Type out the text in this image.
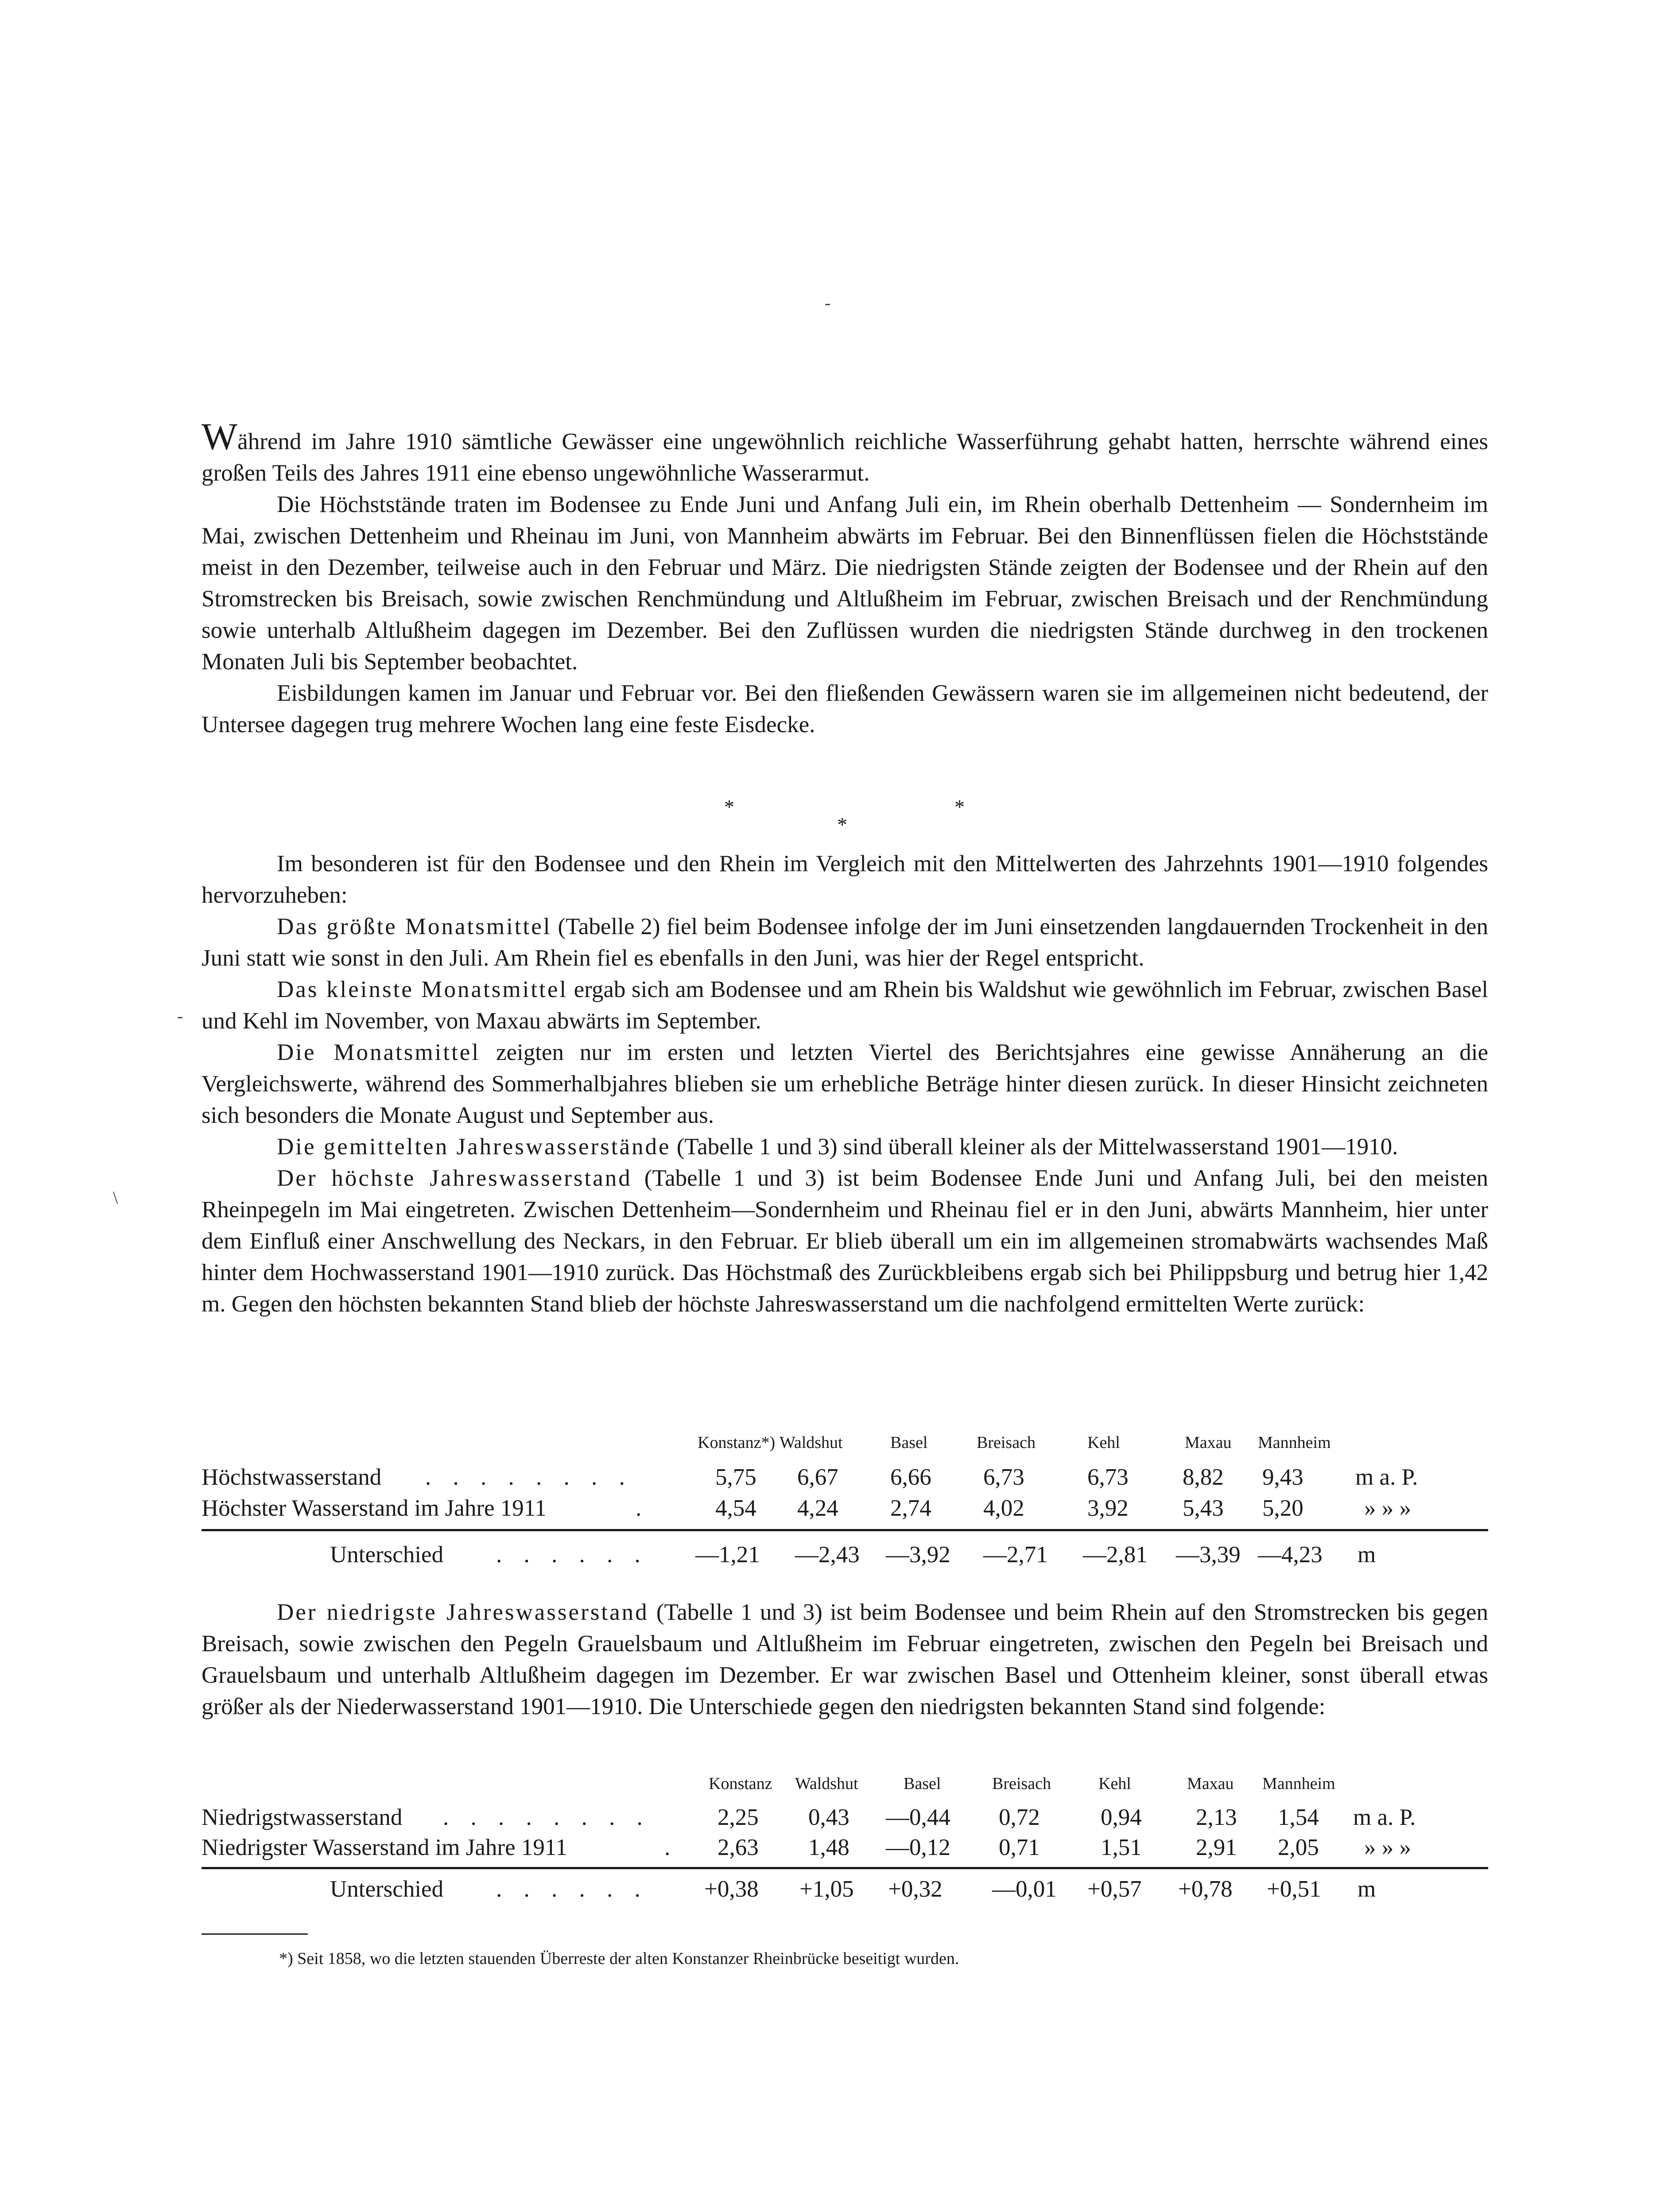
-
-
\

Während im Jahre 1910 sämtliche Gewässer eine ungewöhnlich reichliche Wasserführung gehabt hatten, herrschte während eines großen Teils des Jahres 1911 eine ebenso ungewöhnliche Wasserarmut.

Die Höchststände traten im Bodensee zu Ende Juni und Anfang Juli ein, im Rhein oberhalb Dettenheim — Sondernheim im Mai, zwischen Dettenheim und Rheinau im Juni, von Mannheim abwärts im Februar. Bei den Binnenflüssen fielen die Höchststände meist in den Dezember, teilweise auch in den Februar und März. Die niedrigsten Stände zeigten der Bodensee und der Rhein auf den Stromstrecken bis Breisach, sowie zwischen Renchmündung und Altlußheim im Februar, zwischen Breisach und der Renchmündung sowie unterhalb Altlußheim dagegen im Dezember. Bei den Zuflüssen wurden die niedrigsten Stände durchweg in den trockenen Monaten Juli bis September beobachtet.

Eisbildungen kamen im Januar und Februar vor. Bei den fließenden Gewässern waren sie im allgemeinen nicht bedeutend, der Untersee dagegen trug mehrere Wochen lang eine feste Eisdecke.

*
*
*

Im besonderen ist für den Bodensee und den Rhein im Vergleich mit den Mittelwerten des Jahrzehnts 1901—1910 folgendes hervorzuheben:

Das größte Monatsmittel (Tabelle 2) fiel beim Bodensee infolge der im Juni einsetzenden langdauernden Trockenheit in den Juni statt wie sonst in den Juli. Am Rhein fiel es ebenfalls in den Juni, was hier der Regel entspricht.

Das kleinste Monatsmittel ergab sich am Bodensee und am Rhein bis Waldshut wie gewöhnlich im Februar, zwischen Basel und Kehl im November, von Maxau abwärts im September.

Die Monatsmittel zeigten nur im ersten und letzten Viertel des Berichtsjahres eine gewisse Annäherung an die Vergleichswerte, während des Sommerhalbjahres blieben sie um erhebliche Beträge hinter diesen zurück. In dieser Hinsicht zeichneten sich besonders die Monate August und September aus.

Die gemittelten Jahreswasserstände (Tabelle 1 und 3) sind überall kleiner als der Mittelwasserstand 1901—1910.

Der höchste Jahreswasserstand (Tabelle 1 und 3) ist beim Bodensee Ende Juni und Anfang Juli, bei den meisten Rheinpegeln im Mai eingetreten. Zwischen Dettenheim—Sondernheim und Rheinau fiel er in den Juni, abwärts Mannheim, hier unter dem Einfluß einer Anschwellung des Neckars, in den Februar. Er blieb überall um ein im allgemeinen stromabwärts wachsendes Maß hinter dem Hochwasserstand 1901—1910 zurück. Das Höchstmaß des Zurückbleibens ergab sich bei Philippsburg und betrug hier 1,42 m. Gegen den höchsten bekannten Stand blieb der höchste Jahreswasserstand um die nachfolgend ermittelten Werte zurück:

Konstanz*) Waldshut	Basel	Breisach	Kehl	Maxau Mannheim
Höchstwasserstand . . . . . . . .	5,75 6,67 6,66 6,73	6,73 8,82 9,43 m a. P.
Höchster Wasserstand im Jahre 1911	.	4,54 4,24 2,74 4,02	3,92 5,43 5,20	» » »
Unterschied . . . . . . —1,21 —2,43 —3,92 —2,71 —2,81 —3,39 —4,23 m

Der niedrigste Jahreswasserstand (Tabelle 1 und 3) ist beim Bodensee und beim Rhein auf den Stromstrecken bis gegen Breisach, sowie zwischen den Pegeln Grauelsbaum und Altlußheim im Februar eingetreten, zwischen den Pegeln bei Breisach und Grauelsbaum und unterhalb Altlußheim dagegen im Dezember. Er war zwischen Basel und Ottenheim kleiner, sonst überall etwas größer als der Niederwasserstand 1901—1910. Die Unterschiede gegen den niedrigsten bekannten Stand sind folgende:

Konstanz Waldshut	Basel	Breisach	Kehl	Maxau Mannheim
Niedrigstwasserstand . . . . . . . .	2,25 0,43 —0,44 0,72	0,94 2,13 1,54 m a. P.
Niedrigster Wasserstand im Jahre 1911	. 2,63 1,48 —0,12 0,71	1,51 2,91 2,05 » » »
Unterschied . . . . . . +0,38 +1,05 +0,32 —0,01 +0,57 +0,78 +0,51 m
*) Seit 1858, wo die letzten stauenden Überreste der alten Konstanzer Rheinbrücke beseitigt wurden.
